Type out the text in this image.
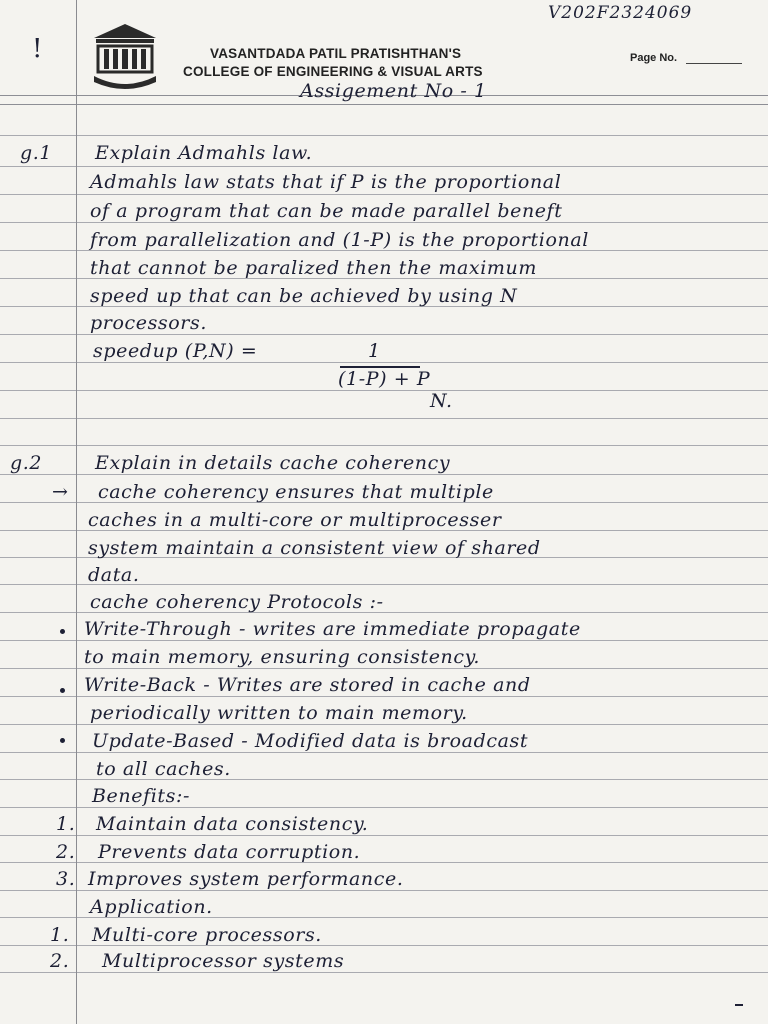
V202F2324069
!	VASANTDADA PATIL PRATISHTHAN'S
COLLEGE OF ENGINEERING & VISUAL ARTS
Page No.
Assigement No - 1
g.1 Explain Admahls law.
Admahls law stats that if P is the proportional
of a program that can be made parallel beneft
from parallelization and (1-P) is the proportional
that cannot be paralized then the maximum
speed up that can be achieved by using N
processors.
speedup (P,N) =	1
(1-P) + P
N.
g.2	Explain in details cache coherency
→ cache coherency ensures that multiple
caches in a multi-core or multiprocesser
system maintain a consistent view of shared
data.
cache coherency Protocols :-
Write-Through - writes are immediate propagate
to main memory, ensuring consistency.
Write-Back - Writes are stored in cache and
periodically written to main memory.
Update-Based - Modified data is broadcast
to all caches.
Benefits:-
1. Maintain data consistency.
2. Prevents data corruption.
3. Improves system performance.
Application.
1. Multi-core processors.
2. Multiprocessor systems
